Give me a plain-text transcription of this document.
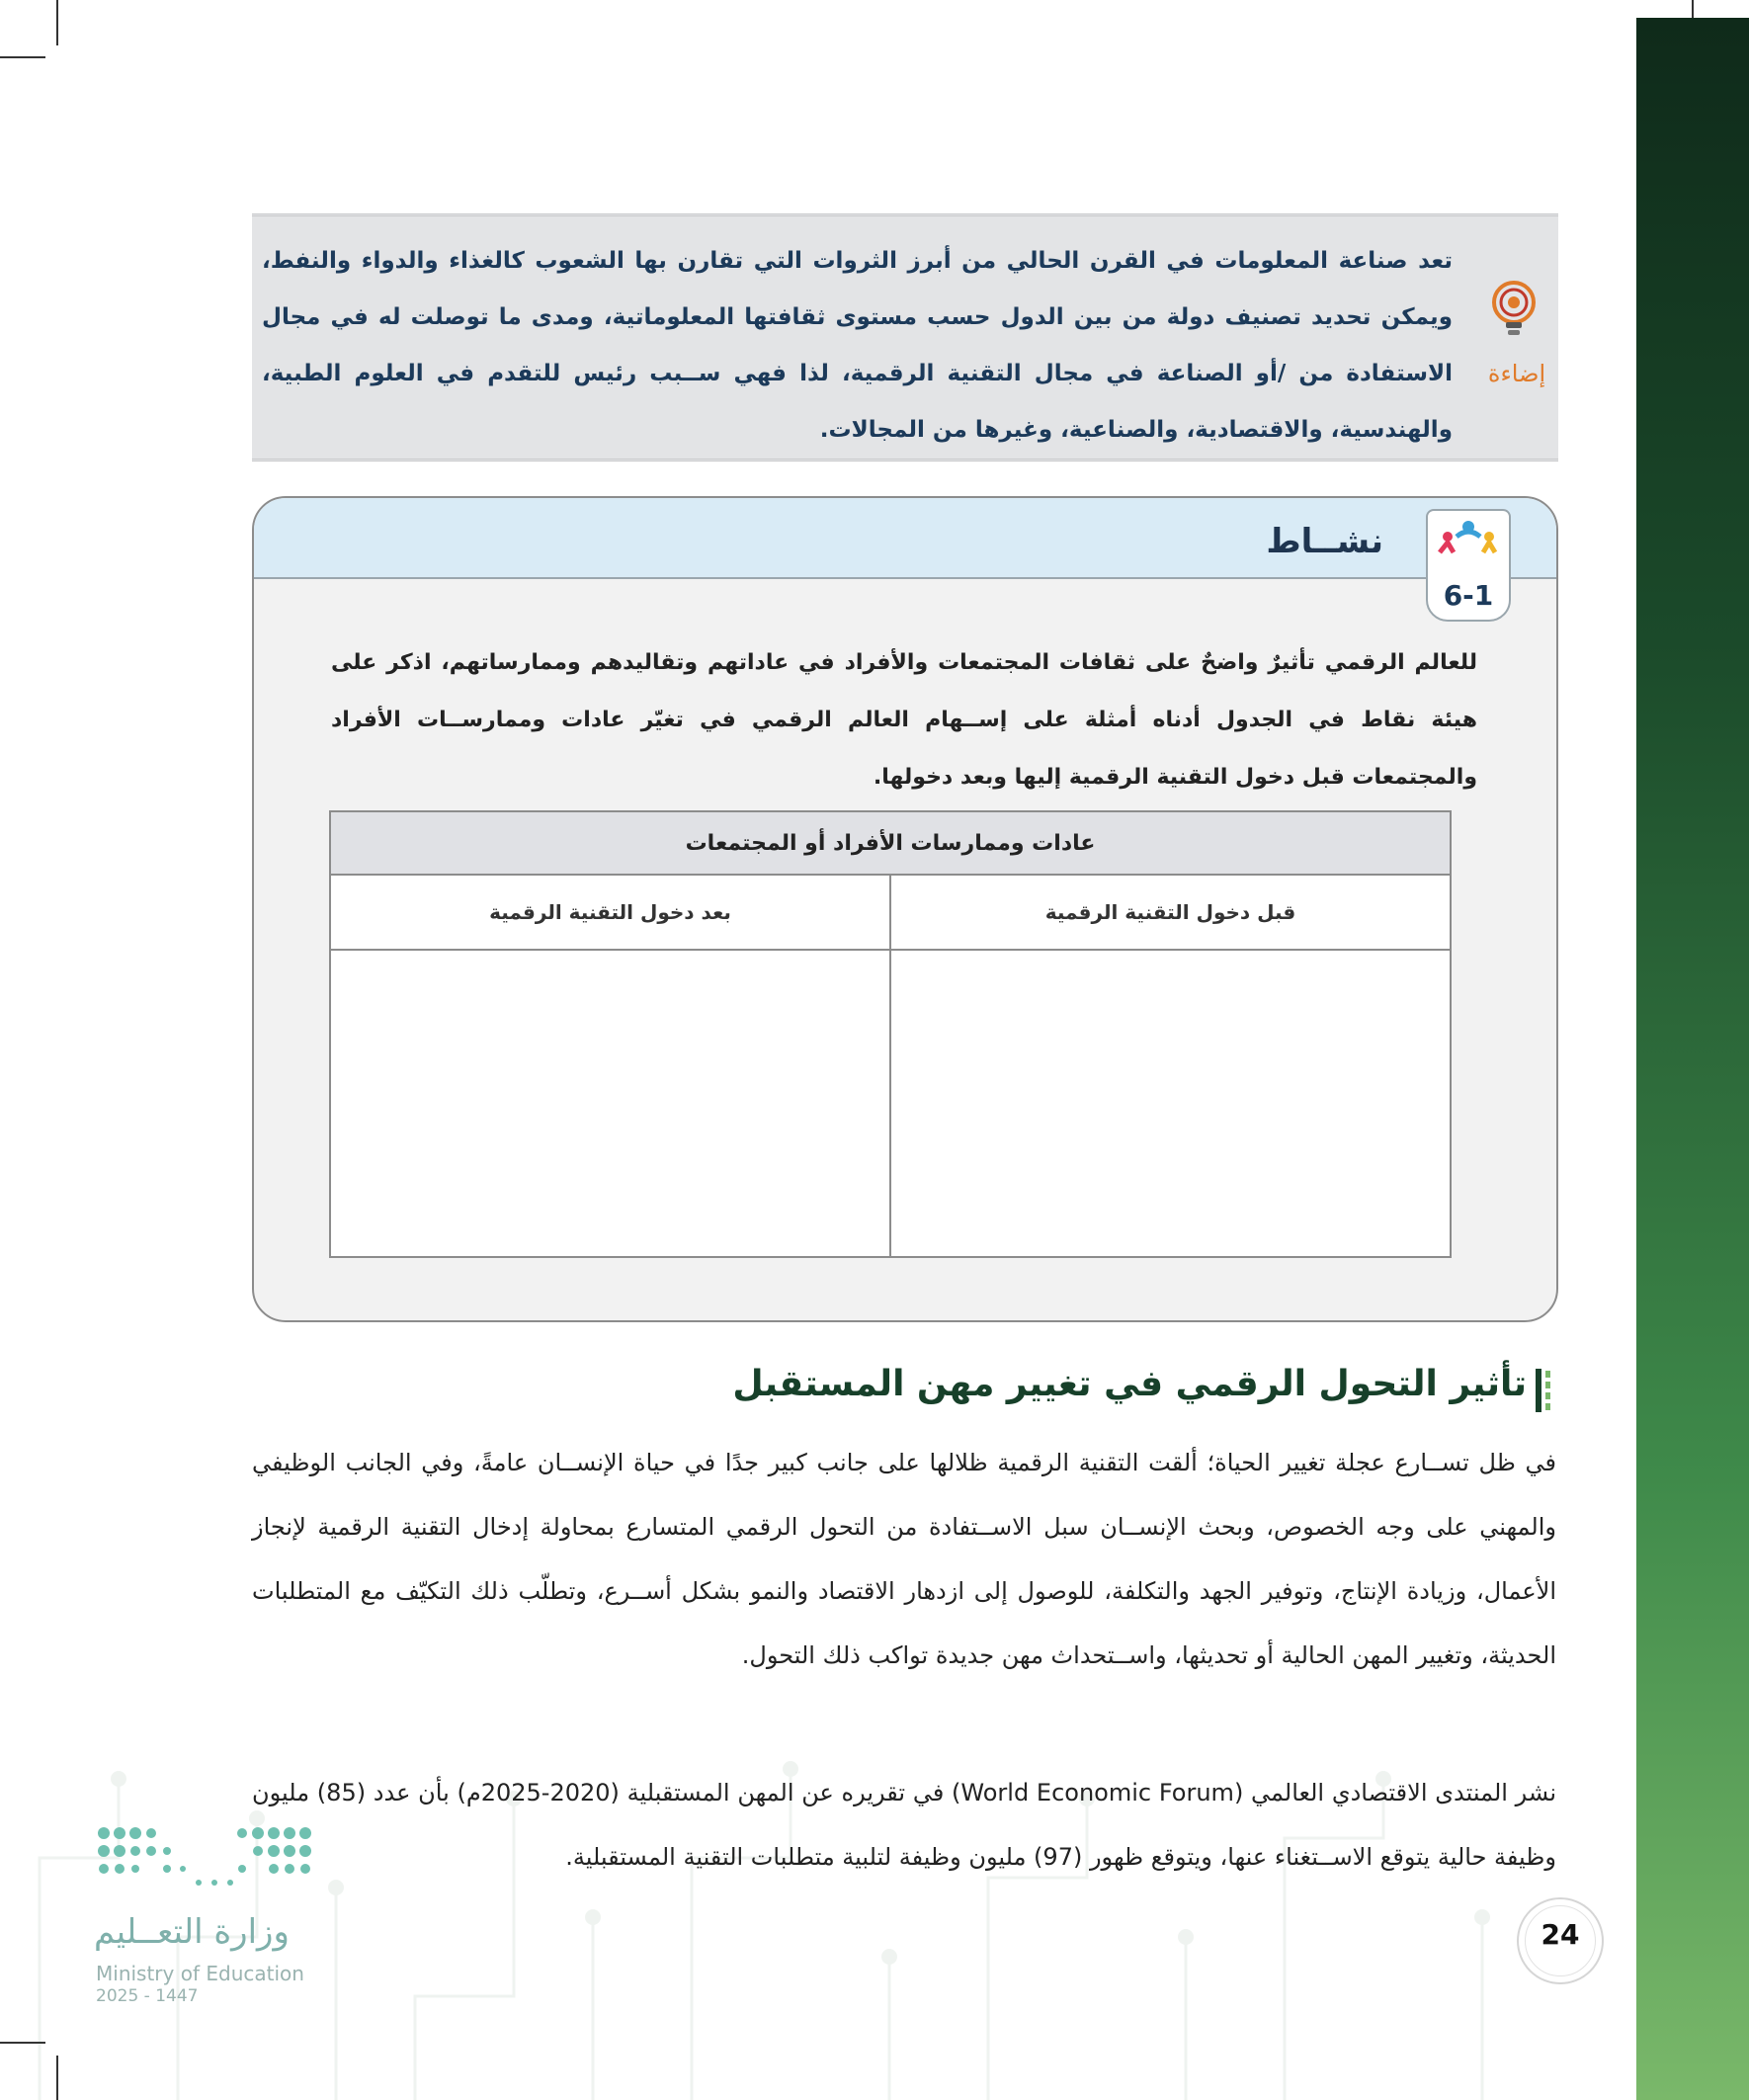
إضاءة
تعد صناعة المعلومات في القرن الحالي من أبرز الثروات التي تقارن بها الشعوب كالغذاء والدواء والنفط، ويمكن تحديد تصنيف دولة من بين الدول حسب مستوى ثقافتها المعلوماتية، ومدى ما توصلت له في مجال الاستفادة من /أو الصناعة في مجال التقنية الرقمية، لذا فهي ســبب رئيس للتقدم في العلوم الطبية، والهندسية، والاقتصادية، والصناعية، وغيرها من المجالات.
6-1
نشــاط
للعالم الرقمي تأثيرٌ واضحٌ على ثقافات المجتمعات والأفراد في عاداتهم وتقاليدهم وممارساتهم، اذكر على هيئة نقاط في الجدول أدناه أمثلة على إســهام العالم الرقمي في تغيّر عادات وممارســات الأفراد والمجتمعات قبل دخول التقنية الرقمية إليها وبعد دخولها.
عادات وممارسات الأفراد أو المجتمعات	
قبل دخول التقنية الرقمية	بعد دخول التقنية الرقمية

تأثير التحول الرقمي في تغيير مهن المستقبل
في ظل تســارع عجلة تغيير الحياة؛ ألقت التقنية الرقمية ظلالها على جانب كبير جدًا في حياة الإنســان عامةً، وفي الجانب الوظيفي والمهني على وجه الخصوص، وبحث الإنســان سبل الاســتفادة من التحول الرقمي المتسارع بمحاولة إدخال التقنية الرقمية لإنجاز الأعمال، وزيادة الإنتاج، وتوفير الجهد والتكلفة، للوصول إلى ازدهار الاقتصاد والنمو بشكل أســرع، وتطلّب ذلك التكيّف مع المتطلبات الحديثة، وتغيير المهن الحالية أو تحديثها، واســتحداث مهن جديدة تواكب ذلك التحول.
نشر المنتدى الاقتصادي العالمي (World Economic Forum) في تقريره عن المهن المستقبلية (2020-2025م) بأن عدد (85) مليون وظيفة حالية يتوقع الاســتغناء عنها، ويتوقع ظهور (97) مليون وظيفة لتلبية متطلبات التقنية المستقبلية.
وزارة التعــليم
Ministry of Education
2025 - 1447
24
